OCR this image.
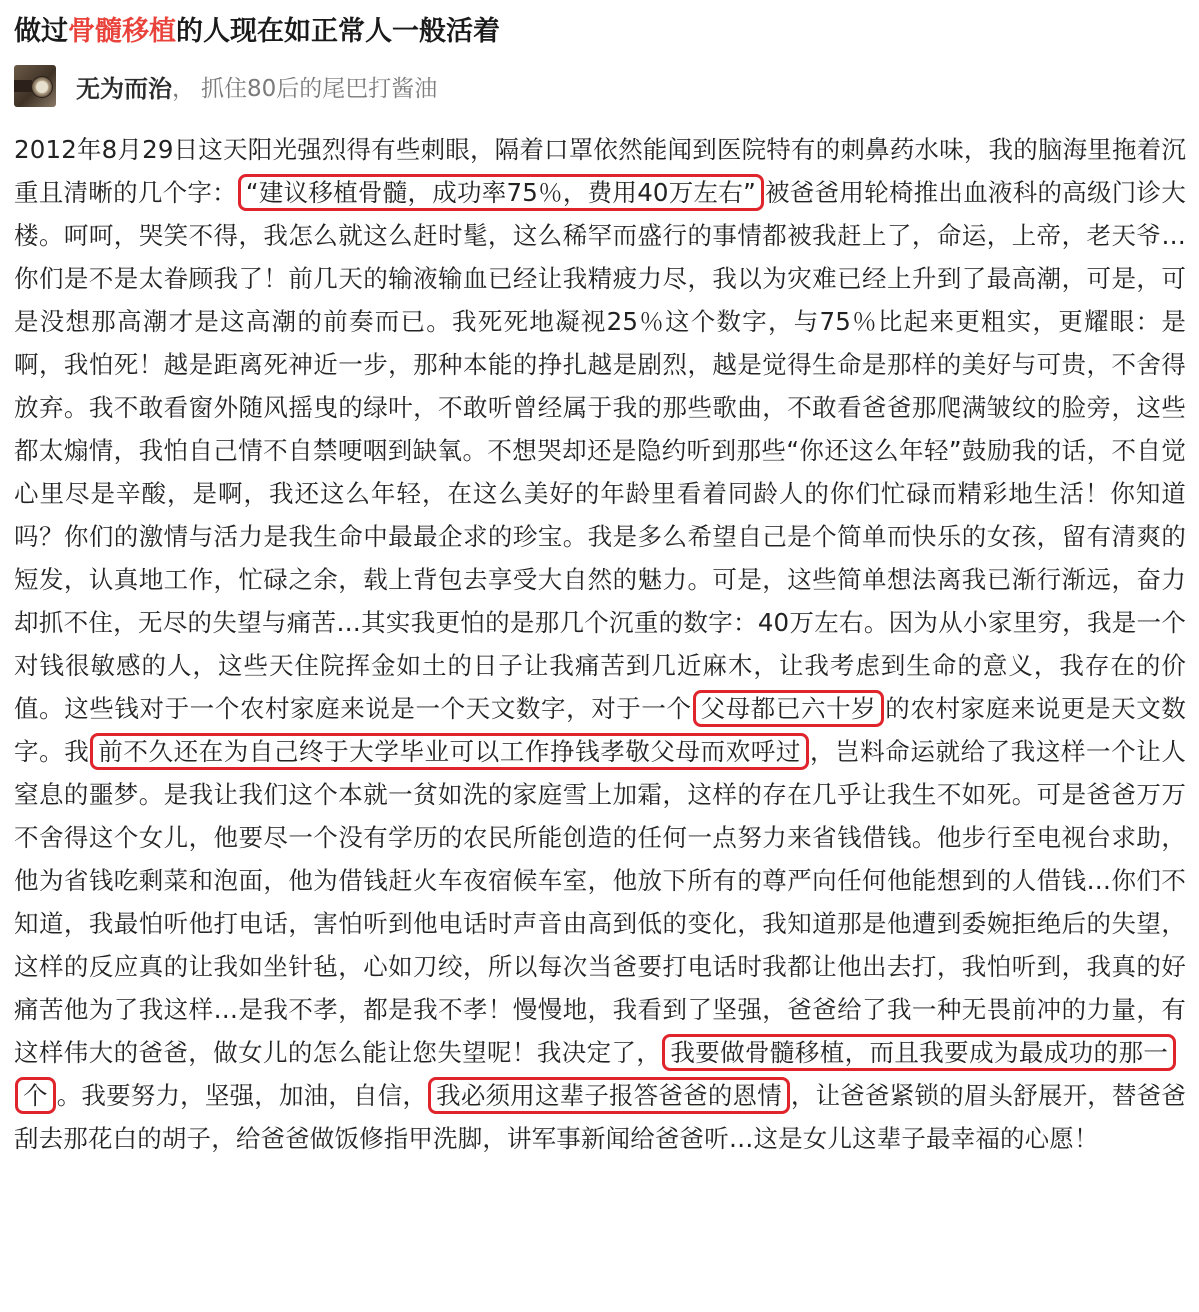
做过骨髓移植的人现在如正常人一般活着
无为而治 ， 抓住80后的尾巴打酱油

2012年8月29日这天阳光强烈得有些刺眼，隔着口罩依然能闻到医院特有的刺鼻药水味，我的脑海里拖着沉重且清晰的几个字： “建议移植骨髓，成功率75％，费用40万左右” 被爸爸用轮椅推出血液科的高级门诊大楼。呵呵，哭笑不得，我怎么就这么赶时髦，这么稀罕而盛行的事情都被我赶上了，命运，上帝，老天爷…你们是不是太眷顾我了！前几天的输液输血已经让我精疲力尽，我以为灾难已经上升到了最高潮，可是，可是没想那高潮才是这高潮的前奏而已。我死死地凝视25％这个数字，与75％比起来更粗实，更耀眼：是啊，我怕死！越是距离死神近一步，那种本能的挣扎越是剧烈，越是觉得生命是那样的美好与可贵，不舍得放弃。我不敢看窗外随风摇曳的绿叶，不敢听曾经属于我的那些歌曲，不敢看爸爸那爬满皱纹的脸旁，这些都太煽情，我怕自己情不自禁哽咽到缺氧。不想哭却还是隐约听到那些“你还这么年轻”鼓励我的话，不自觉心里尽是辛酸，是啊，我还这么年轻，在这么美好的年龄里看着同龄人的你们忙碌而精彩地生活！你知道吗？你们的激情与活力是我生命中最最企求的珍宝。我是多么希望自己是个简单而快乐的女孩，留有清爽的短发，认真地工作，忙碌之余，载上背包去享受大自然的魅力。可是，这些简单想法离我已渐行渐远，奋力却抓不住，无尽的失望与痛苦…其实我更怕的是那几个沉重的数字：40万左右。因为从小家里穷，我是一个对钱很敏感的人，这些天住院挥金如土的日子让我痛苦到几近麻木，让我考虑到生命的意义，我存在的价值。这些钱对于一个农村家庭来说是一个天文数字，对于一个 父母都已六十岁 的农村家庭来说更是天文数字。我 前不久还在为自己终于大学毕业可以工作挣钱孝敬父母而欢呼过 ，岂料命运就给了我这样一个让人窒息的噩梦。是我让我们这个本就一贫如洗的家庭雪上加霜，这样的存在几乎让我生不如死。可是爸爸万万不舍得这个女儿，他要尽一个没有学历的农民所能创造的任何一点努力来省钱借钱。他步行至电视台求助，他为省钱吃剩菜和泡面，他为借钱赶火车夜宿候车室，他放下所有的尊严向任何他能想到的人借钱…你们不知道，我最怕听他打电话，害怕听到他电话时声音由高到低的变化，我知道那是他遭到委婉拒绝后的失望，这样的反应真的让我如坐针毡，心如刀绞，所以每次当爸要打电话时我都让他出去打，我怕听到，我真的好痛苦他为了我这样…是我不孝，都是我不孝！慢慢地，我看到了坚强，爸爸给了我一种无畏前冲的力量，有这样伟大的爸爸，做女儿的怎么能让您失望呢！我决定了， 我要做骨髓移植，而且我要成为最成功的那一个 。我要努力，坚强，加油，自信， 我必须用这辈子报答爸爸的恩情 ，让爸爸紧锁的眉头舒展开，替爸爸刮去那花白的胡子，给爸爸做饭修指甲洗脚，讲军事新闻给爸爸听…这是女儿这辈子最幸福的心愿！
